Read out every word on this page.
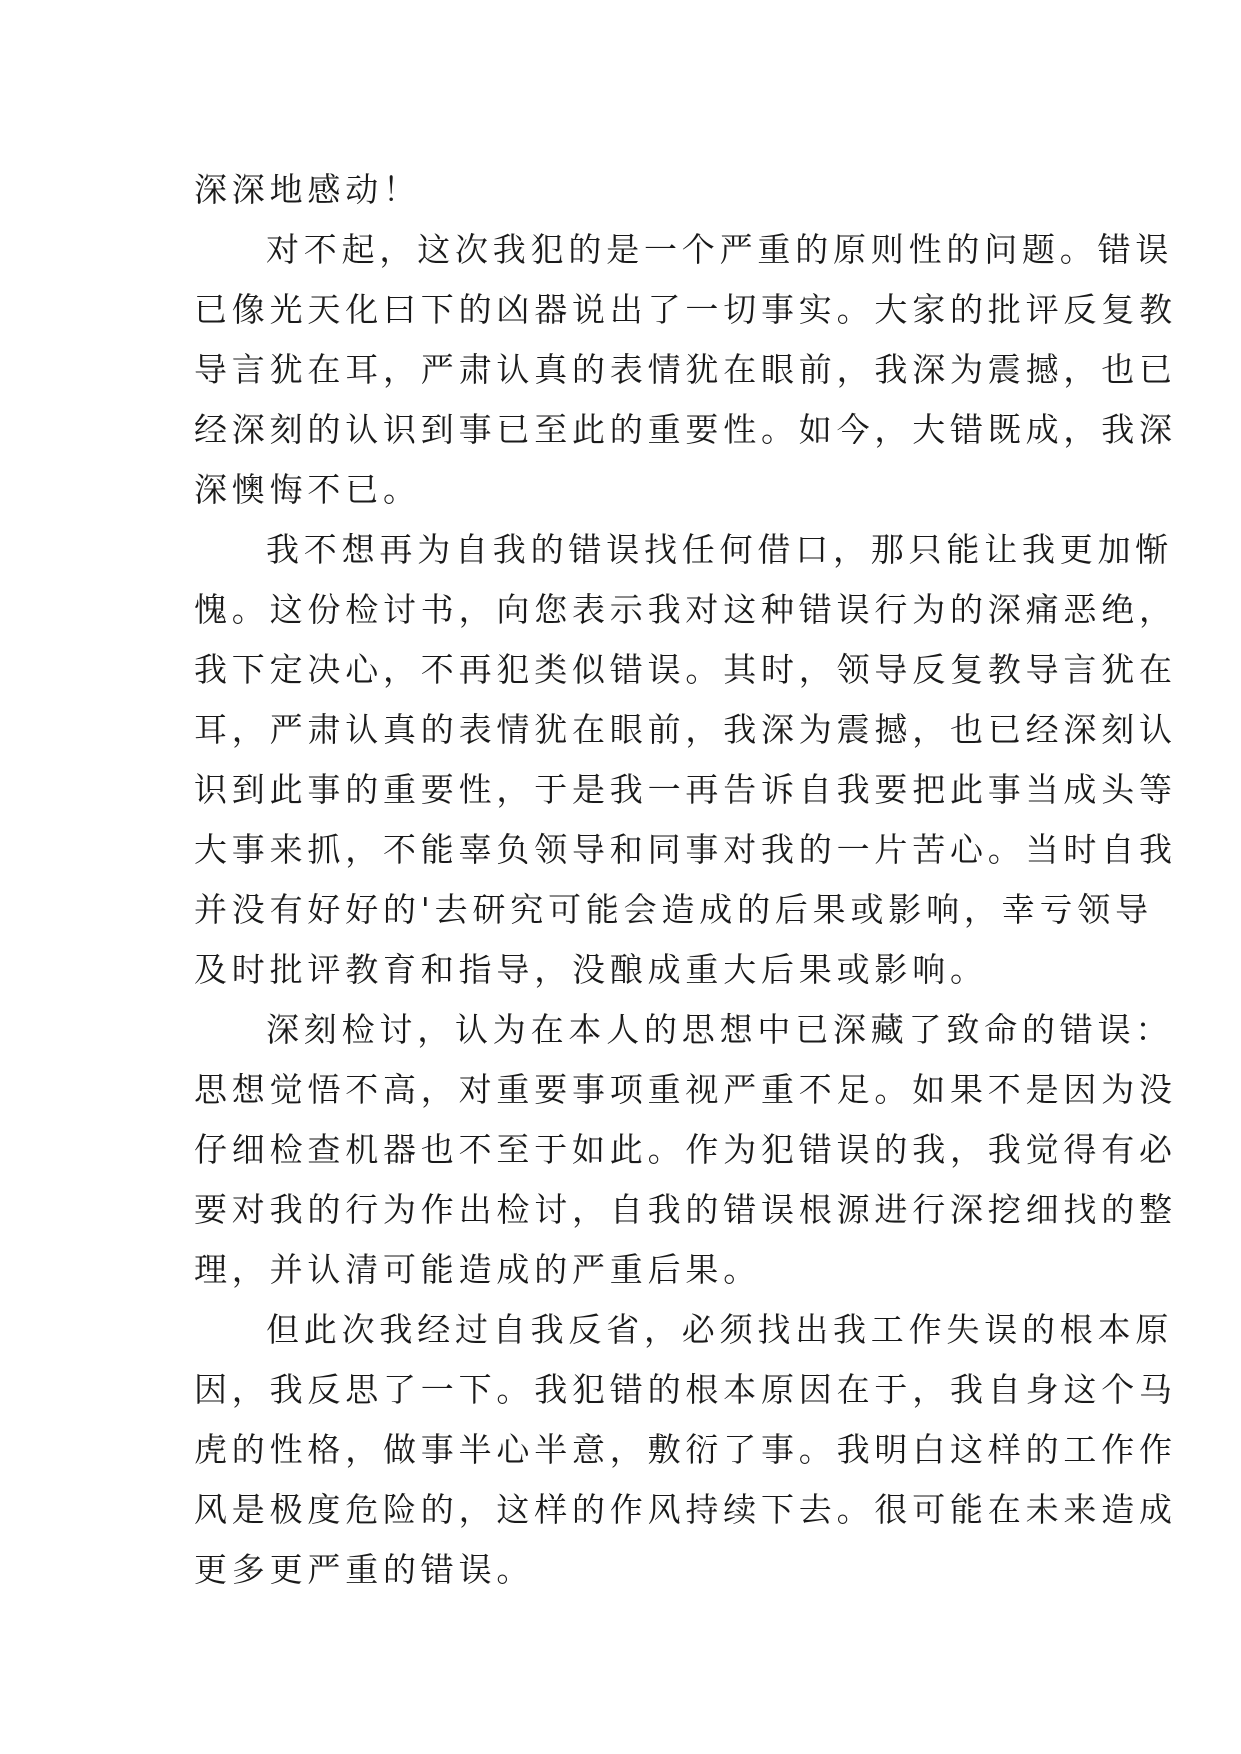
深深地感动！
对不起，这次我犯的是一个严重的原则性的问题。错误
已像光天化曰下的凶器说出了一切事实。大家的批评反复教
导言犹在耳，严肃认真的表情犹在眼前，我深为震撼，也已
经深刻的认识到事已至此的重要性。如今，大错既成，我深
深懊悔不已。
我不想再为自我的错误找任何借口，那只能让我更加惭
愧。这份检讨书，向您表示我对这种错误行为的深痛恶绝，
我下定决心，不再犯类似错误。其时，领导反复教导言犹在
耳，严肃认真的表情犹在眼前，我深为震撼，也已经深刻认
识到此事的重要性，于是我一再告诉自我要把此事当成头等
大事来抓，不能辜负领导和同事对我的一片苦心。当时自我
并没有好好的'去研究可能会造成的后果或影响，幸亏领导
及时批评教育和指导，没酿成重大后果或影响。
深刻检讨，认为在本人的思想中已深藏了致命的错误：
思想觉悟不高，对重要事项重视严重不足。如果不是因为没
仔细检查机器也不至于如此。作为犯错误的我，我觉得有必
要对我的行为作出检讨，自我的错误根源进行深挖细找的整
理，并认清可能造成的严重后果。
但此次我经过自我反省，必须找出我工作失误的根本原
因，我反思了一下。我犯错的根本原因在于，我自身这个马
虎的性格，做事半心半意，敷衍了事。我明白这样的工作作
风是极度危险的，这样的作风持续下去。很可能在未来造成
更多更严重的错误。
